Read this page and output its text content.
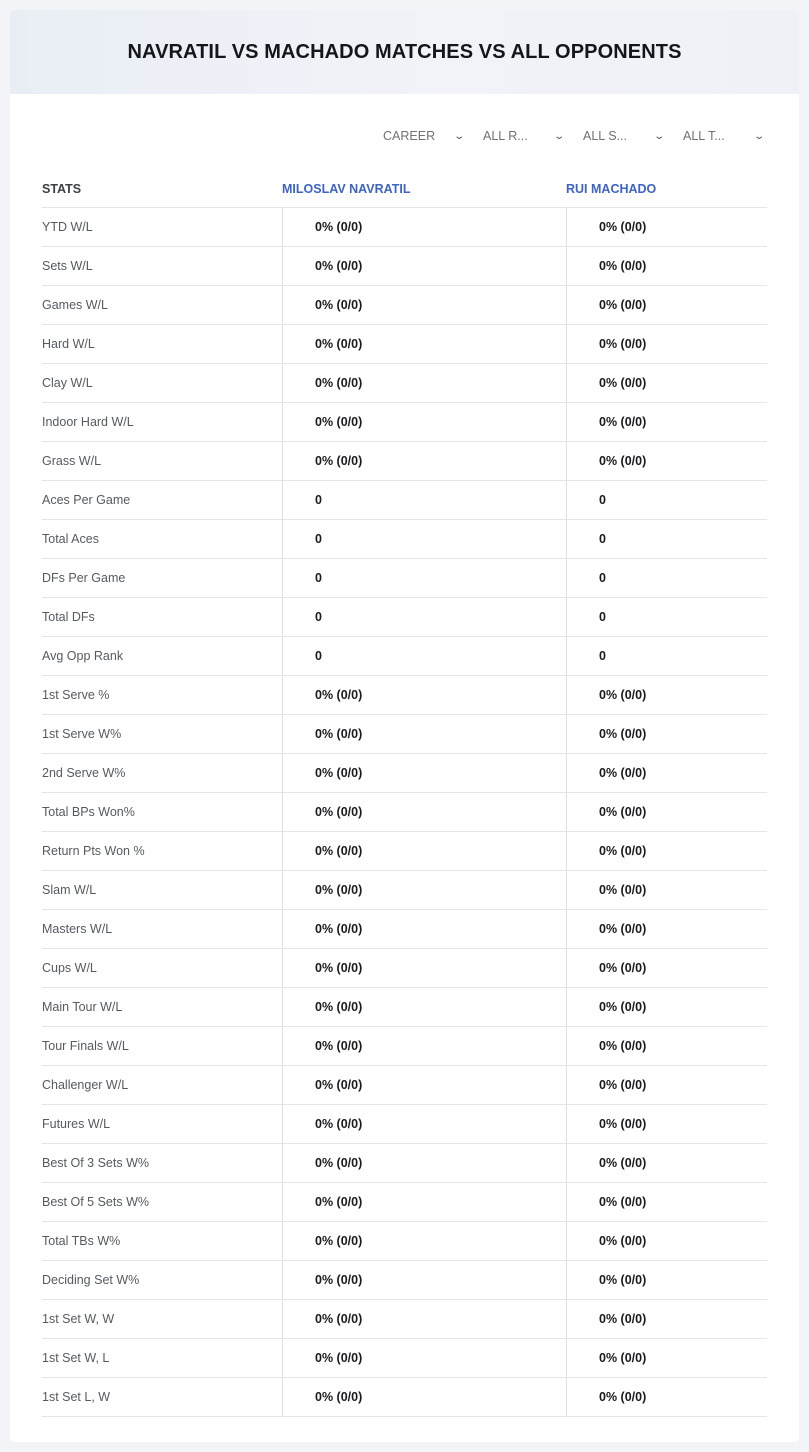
NAVRATIL VS MACHADO MATCHES VS ALL OPPONENTS
CAREER ⌄ ALL R...	⌄ ALL S...	⌄ ALL T...	⌄
STATS	MILOSLAV NAVRATIL	RUI MACHADO
YTD W/L	0% (0/0)	0% (0/0)
Sets W/L	0% (0/0)	0% (0/0)
Games W/L	0% (0/0)	0% (0/0)
Hard W/L	0% (0/0)	0% (0/0)
Clay W/L	0% (0/0)	0% (0/0)
Indoor Hard W/L	0% (0/0)	0% (0/0)
Grass W/L	0% (0/0)	0% (0/0)
Aces Per Game	0	0
Total Aces	0	0
DFs Per Game	0	0
Total DFs	0	0
Avg Opp Rank	0	0
1st Serve %	0% (0/0)	0% (0/0)
1st Serve W%	0% (0/0)	0% (0/0)
2nd Serve W%	0% (0/0)	0% (0/0)
Total BPs Won%	0% (0/0)	0% (0/0)
Return Pts Won %	0% (0/0)	0% (0/0)
Slam W/L	0% (0/0)	0% (0/0)
Masters W/L	0% (0/0)	0% (0/0)
Cups W/L	0% (0/0)	0% (0/0)
Main Tour W/L	0% (0/0)	0% (0/0)
Tour Finals W/L	0% (0/0)	0% (0/0)
Challenger W/L	0% (0/0)	0% (0/0)
Futures W/L	0% (0/0)	0% (0/0)
Best Of 3 Sets W%	0% (0/0)	0% (0/0)
Best Of 5 Sets W%	0% (0/0)	0% (0/0)
Total TBs W%	0% (0/0)	0% (0/0)
Deciding Set W%	0% (0/0)	0% (0/0)
1st Set W, W	0% (0/0)	0% (0/0)
1st Set W, L	0% (0/0)	0% (0/0)
1st Set L, W	0% (0/0)	0% (0/0)
